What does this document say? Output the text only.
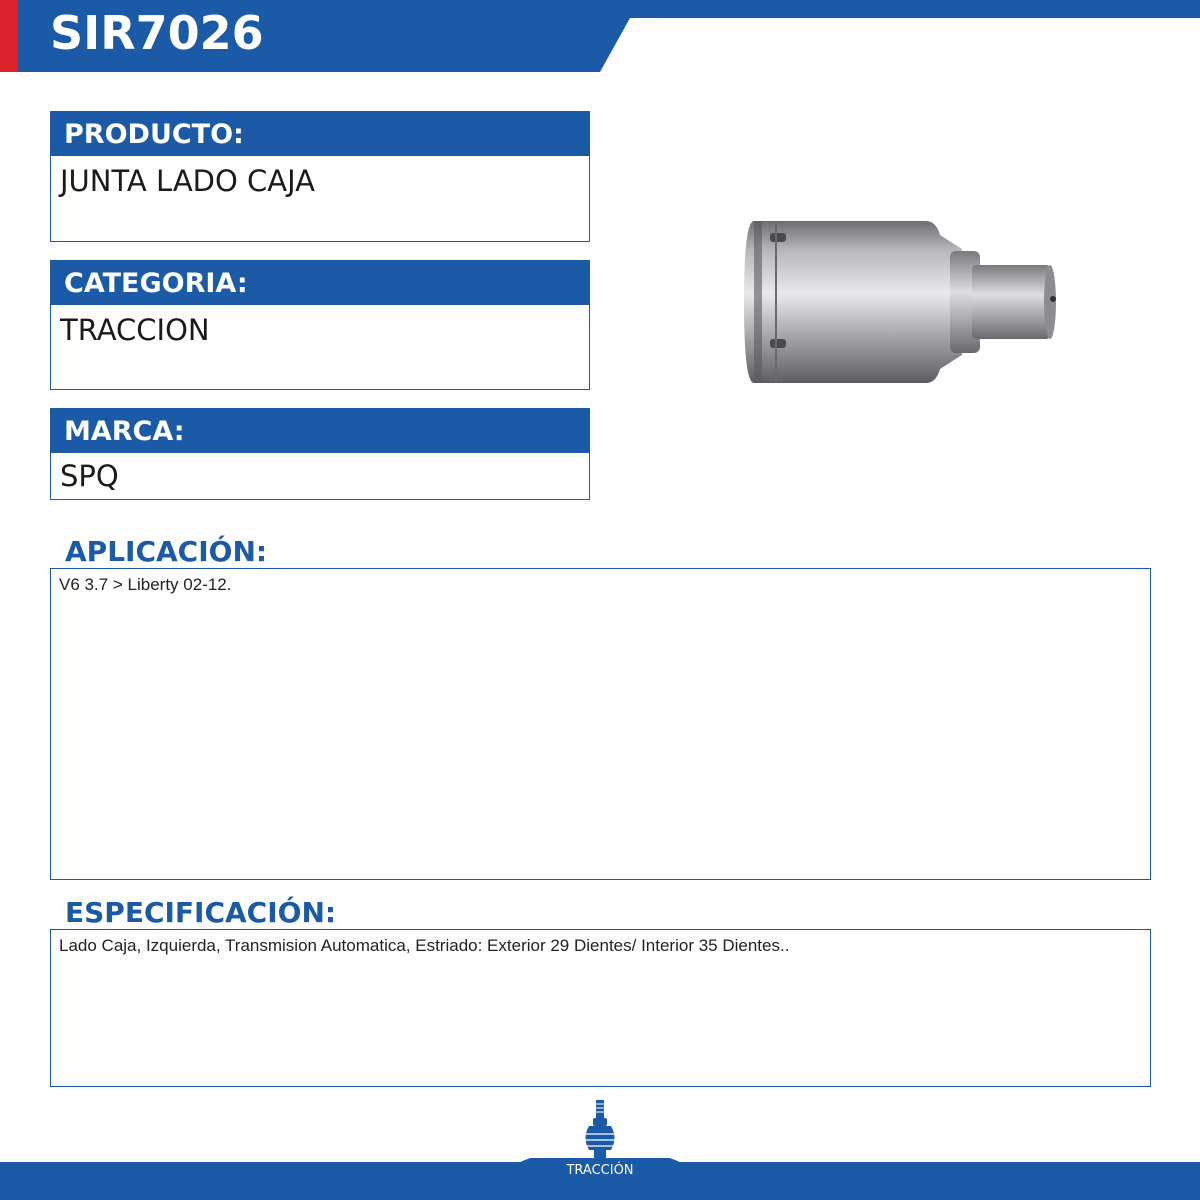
SIR7026
PRODUCTO:
JUNTA LADO CAJA
CATEGORIA:
TRACCION
MARCA:
SPQ
APLICACIÓN:
V6 3.7 > Liberty 02-12.
ESPECIFICACIÓN:
Lado Caja, Izquierda, Transmision Automatica, Estriado: Exterior 29 Dientes/ Interior 35 Dientes..
TRACCIÓN
